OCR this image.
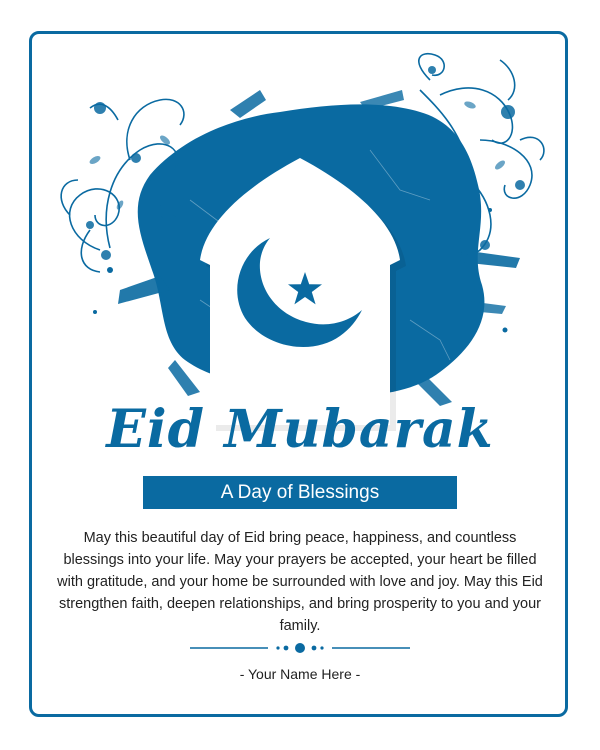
Eid Mubarak
A Day of Blessings

May this beautiful day of Eid bring peace, happiness, and countless blessings into your life. May your prayers be accepted, your heart be filled with gratitude, and your home be surrounded with love and joy. May this Eid strengthen faith, deepen relationships, and bring prosperity to you and your family.

- Your Name Here -
